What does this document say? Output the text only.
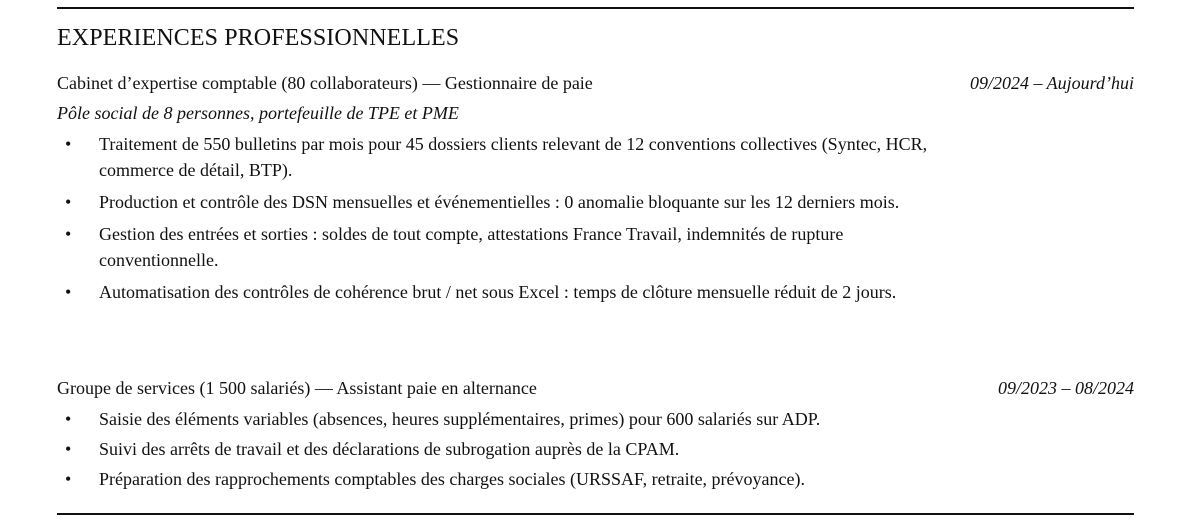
EXPERIENCES PROFESSIONNELLES
Cabinet d’expertise comptable (80 collaborateurs) — Gestionnaire de paie	09/2024 – Aujourd’hui
Pôle social de 8 personnes, portefeuille de TPE et PME
• Traitement de 550 bulletins par mois pour 45 dossiers clients relevant de 12 conventions collectives (Syntec, HCR, commerce de détail, BTP).
• Production et contrôle des DSN mensuelles et événementielles : 0 anomalie bloquante sur les 12 derniers mois.
• Gestion des entrées et sorties : soldes de tout compte, attestations France Travail, indemnités de rupture conventionnelle.
• Automatisation des contrôles de cohérence brut / net sous Excel : temps de clôture mensuelle réduit de 2 jours.
Groupe de services (1 500 salariés) — Assistant paie en alternance	09/2023 – 08/2024
• Saisie des éléments variables (absences, heures supplémentaires, primes) pour 600 salariés sur ADP.
• Suivi des arrêts de travail et des déclarations de subrogation auprès de la CPAM.
• Préparation des rapprochements comptables des charges sociales (URSSAF, retraite, prévoyance).
